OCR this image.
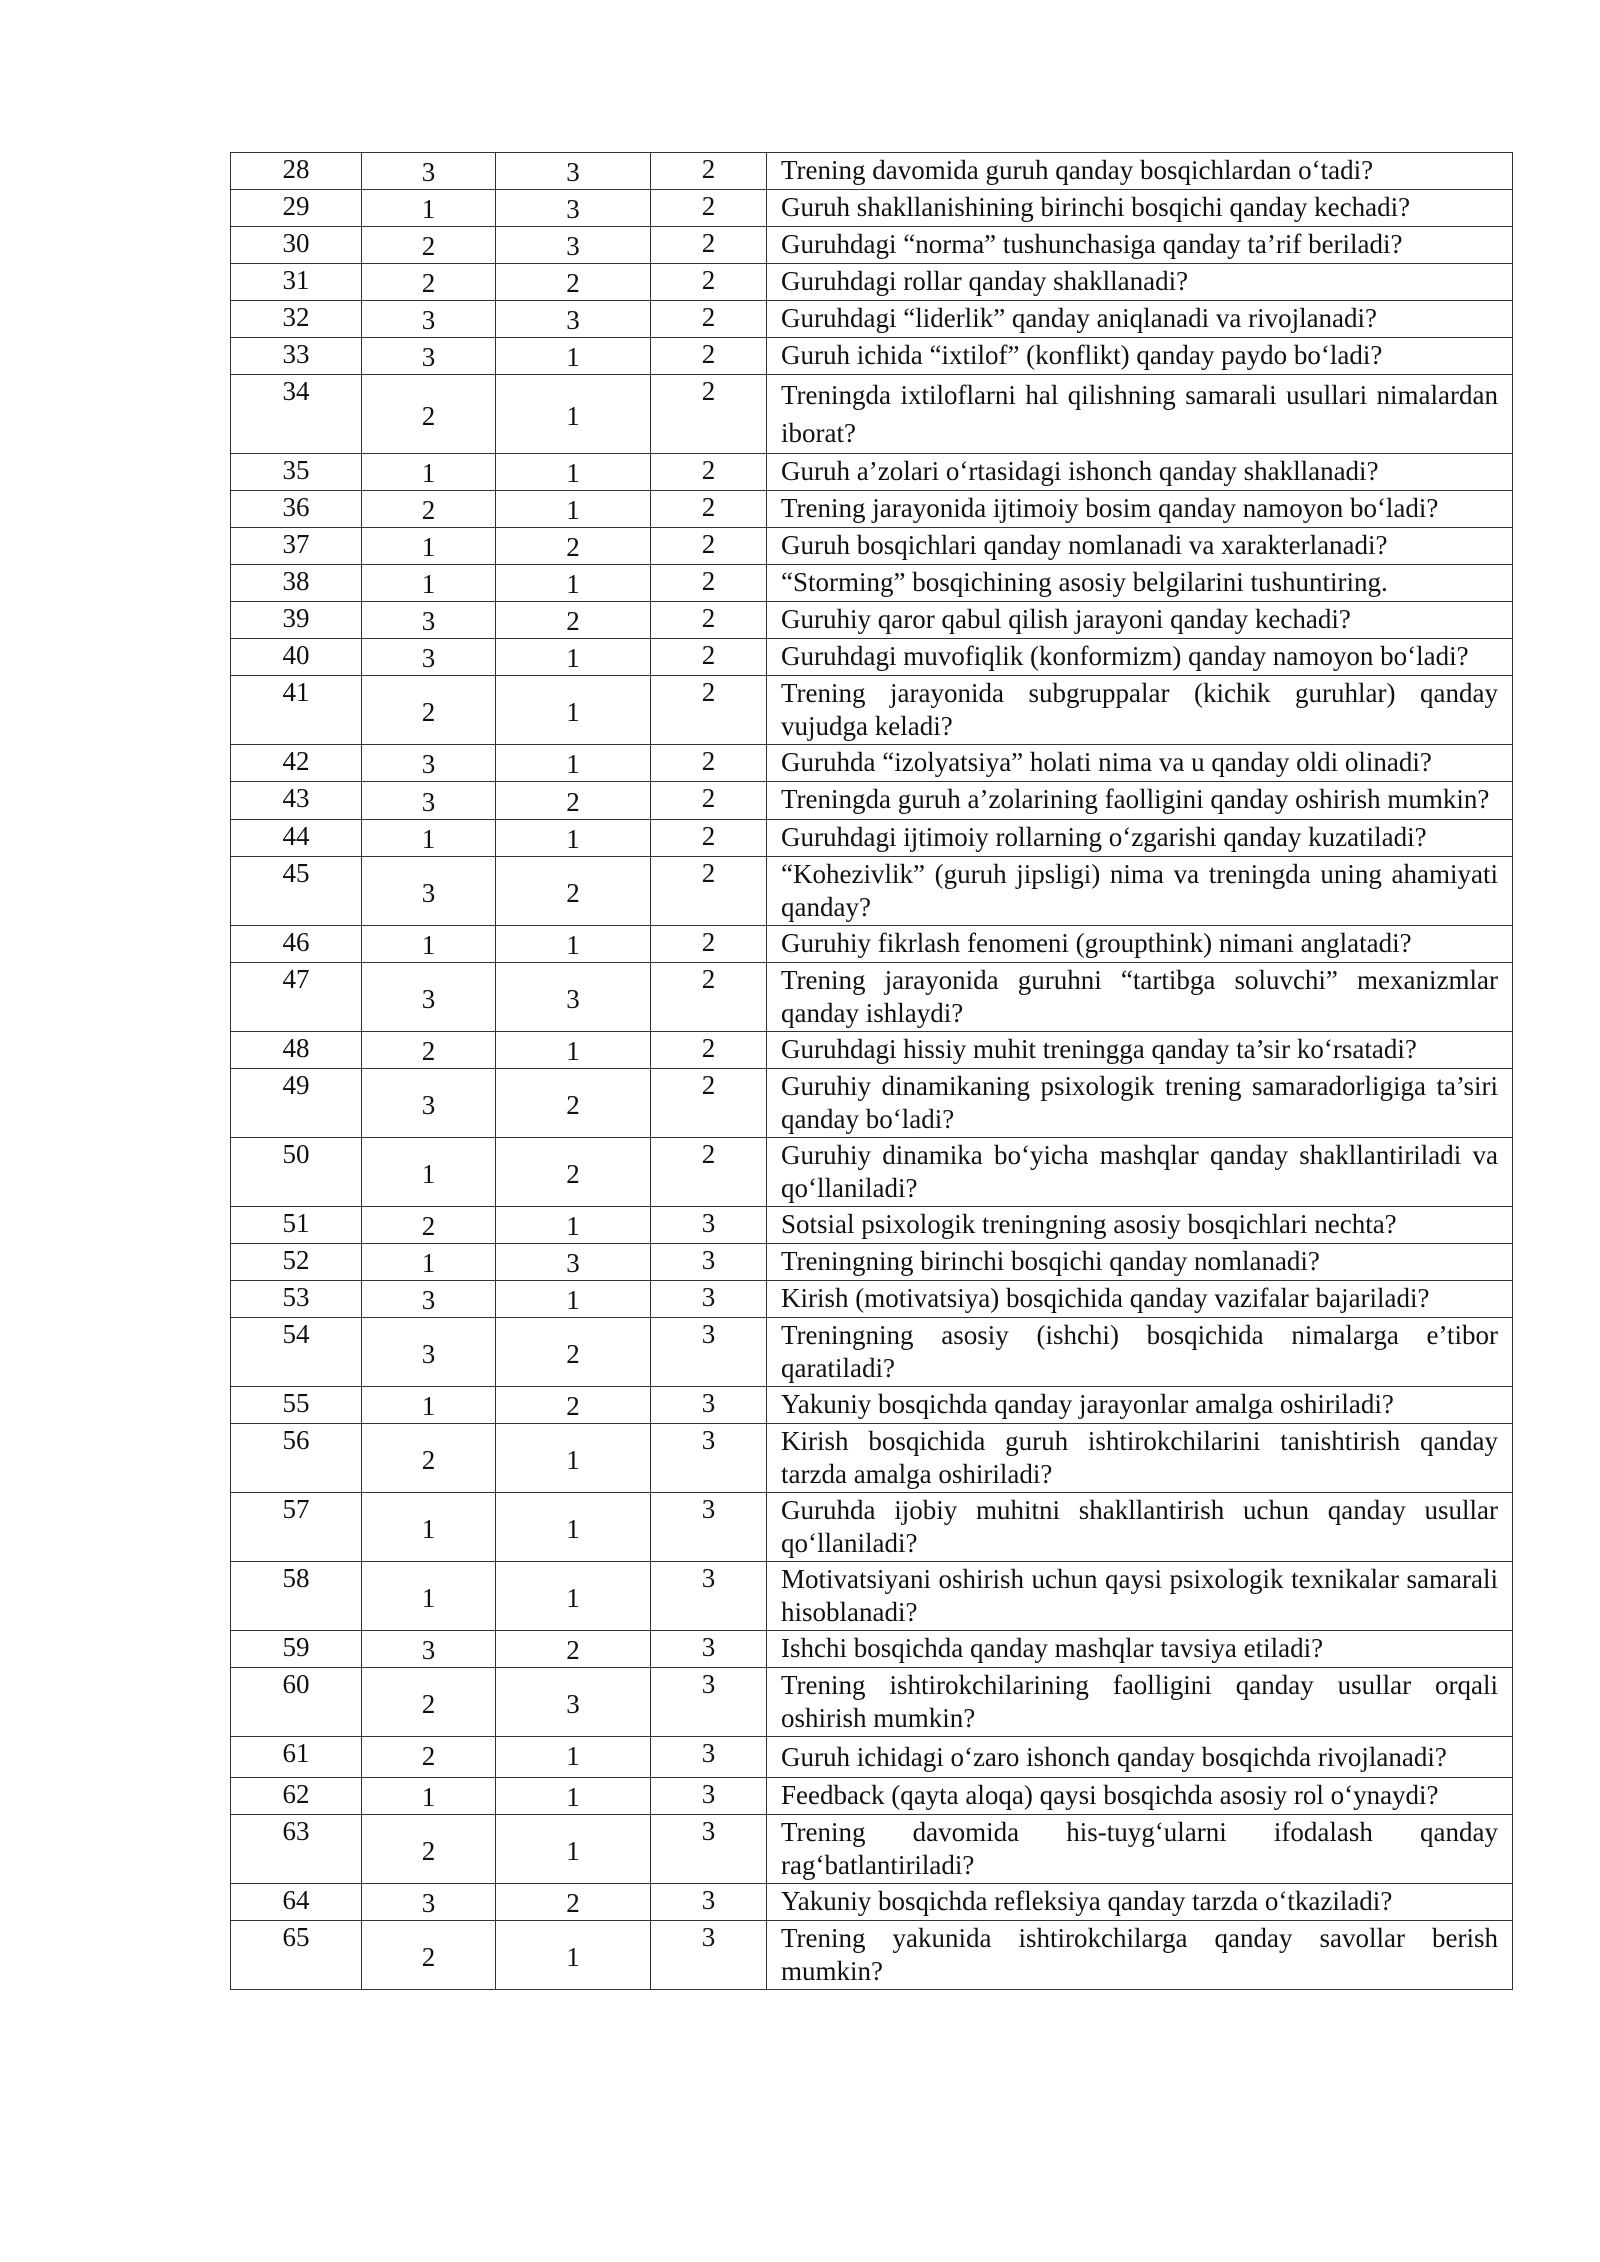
28	3	3	2	Trening davomida guruh qanday bosqichlardan o‘tadi?
29	1	3	2	Guruh shakllanishining birinchi bosqichi qanday kechadi?
30	2	3	2	Guruhdagi “norma” tushunchasiga qanday ta’rif beriladi?
31	2	2	2	Guruhdagi rollar qanday shakllanadi?
32	3	3	2	Guruhdagi “liderlik” qanday aniqlanadi va rivojlanadi?
33	3	1	2	Guruh ichida “ixtilof” (konflikt) qanday paydo bo‘ladi?
34	2	1	2	Treningda ixtiloflarni hal qilishning samarali usullari nimalardan iborat?
35	1	1	2	Guruh a’zolari o‘rtasidagi ishonch qanday shakllanadi?
36	2	1	2	Trening jarayonida ijtimoiy bosim qanday namoyon bo‘ladi?
37	1	2	2	Guruh bosqichlari qanday nomlanadi va xarakterlanadi?
38	1	1	2	“Storming” bosqichining asosiy belgilarini tushuntiring.
39	3	2	2	Guruhiy qaror qabul qilish jarayoni qanday kechadi?
40	3	1	2	Guruhdagi muvofiqlik (konformizm) qanday namoyon bo‘ladi?
41	2	1	2	Trening jarayonida subgruppalar (kichik guruhlar) qanday vujudga keladi?
42	3	1	2	Guruhda “izolyatsiya” holati nima va u qanday oldi olinadi?
43	3	2	2	Treningda guruh a’zolarining faolligini qanday oshirish mumkin?
44	1	1	2	Guruhdagi ijtimoiy rollarning o‘zgarishi qanday kuzatiladi?
45	3	2	2	“Kohezivlik” (guruh jipsligi) nima va treningda uning ahamiyati qanday?
46	1	1	2	Guruhiy fikrlash fenomeni (groupthink) nimani anglatadi?
47	3	3	2	Trening jarayonida guruhni “tartibga soluvchi” mexanizmlar qanday ishlaydi?
48	2	1	2	Guruhdagi hissiy muhit treningga qanday ta’sir ko‘rsatadi?
49	3	2	2	Guruhiy dinamikaning psixologik trening samaradorligiga ta’siri qanday bo‘ladi?
50	1	2	2	Guruhiy dinamika bo‘yicha mashqlar qanday shakllantiriladi va qo‘llaniladi?
51	2	1	3	Sotsial psixologik treningning asosiy bosqichlari nechta?
52	1	3	3	Treningning birinchi bosqichi qanday nomlanadi?
53	3	1	3	Kirish (motivatsiya) bosqichida qanday vazifalar bajariladi?
54	3	2	3	Treningning asosiy (ishchi) bosqichida nimalarga e’tibor qaratiladi?
55	1	2	3	Yakuniy bosqichda qanday jarayonlar amalga oshiriladi?
56	2	1	3	Kirish bosqichida guruh ishtirokchilarini tanishtirish qanday tarzda amalga oshiriladi?
57	1	1	3	Guruhda ijobiy muhitni shakllantirish uchun qanday usullar qo‘llaniladi?
58	1	1	3	Motivatsiyani oshirish uchun qaysi psixologik texnikalar samarali hisoblanadi?
59	3	2	3	Ishchi bosqichda qanday mashqlar tavsiya etiladi?
60	2	3	3	Trening ishtirokchilarining faolligini qanday usullar orqali oshirish mumkin?
61	2	1	3	Guruh ichidagi o‘zaro ishonch qanday bosqichda rivojlanadi?
62	1	1	3	Feedback (qayta aloqa) qaysi bosqichda asosiy rol o‘ynaydi?
63	2	1	3	Trening davomida his-tuyg‘ularni ifodalash qanday rag‘batlantiriladi?
64	3	2	3	Yakuniy bosqichda refleksiya qanday tarzda o‘tkaziladi?
65	2	1	3	Trening yakunida ishtirokchilarga qanday savollar berish mumkin?
